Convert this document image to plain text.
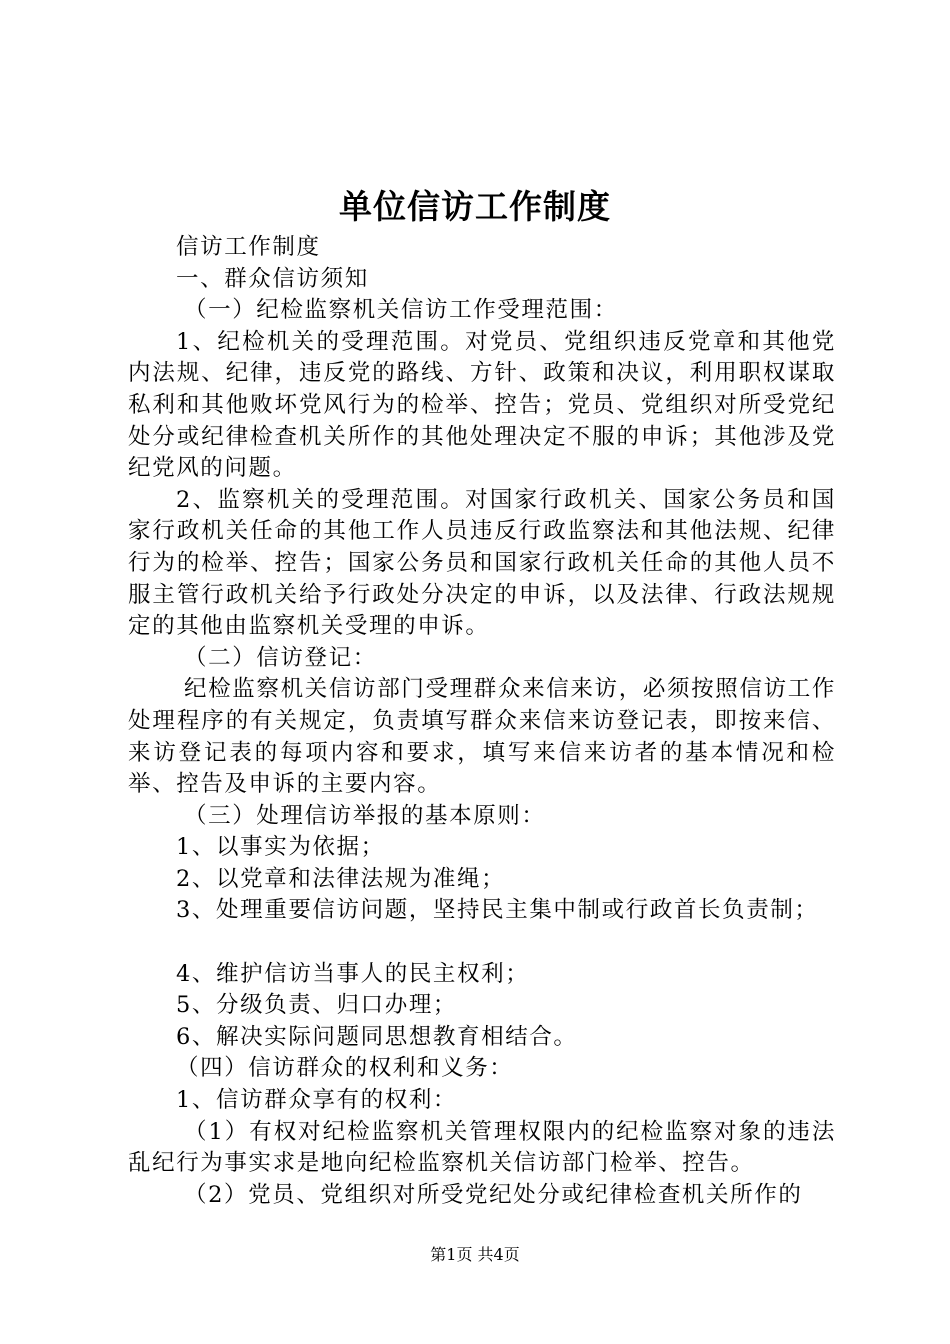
单位信访工作制度

信访工作制度

一、群众信访须知

（一）纪检监察机关信访工作受理范围：

1、纪检机关的受理范围。对党员、党组织违反党章和其他党内法规、纪律，违反党的路线、方针、政策和决议，利用职权谋取私利和其他败坏党风行为的检举、控告；党员、党组织对所受党纪处分或纪律检查机关所作的其他处理决定不服的申诉；其他涉及党纪党风的问题。

2、监察机关的受理范围。对国家行政机关、国家公务员和国家行政机关任命的其他工作人员违反行政监察法和其他法规、纪律行为的检举、控告；国家公务员和国家行政机关任命的其他人员不服主管行政机关给予行政处分决定的申诉，以及法律、行政法规规定的其他由监察机关受理的申诉。

（二）信访登记：

纪检监察机关信访部门受理群众来信来访，必须按照信访工作处理程序的有关规定，负责填写群众来信来访登记表，即按来信、来访登记表的每项内容和要求，填写来信来访者的基本情况和检举、控告及申诉的主要内容。

（三）处理信访举报的基本原则：

1、以事实为依据；

2、以党章和法律法规为准绳；

3、处理重要信访问题，坚持民主集中制或行政首长负责制；

4、维护信访当事人的民主权利；

5、分级负责、归口办理；

6、解决实际问题同思想教育相结合。

（四）信访群众的权利和义务：

1、信访群众享有的权利：

（1）有权对纪检监察机关管理权限内的纪检监察对象的违法乱纪行为事实求是地向纪检监察机关信访部门检举、控告。

（2）党员、党组织对所受党纪处分或纪律检查机关所作的

第1页 共4页
